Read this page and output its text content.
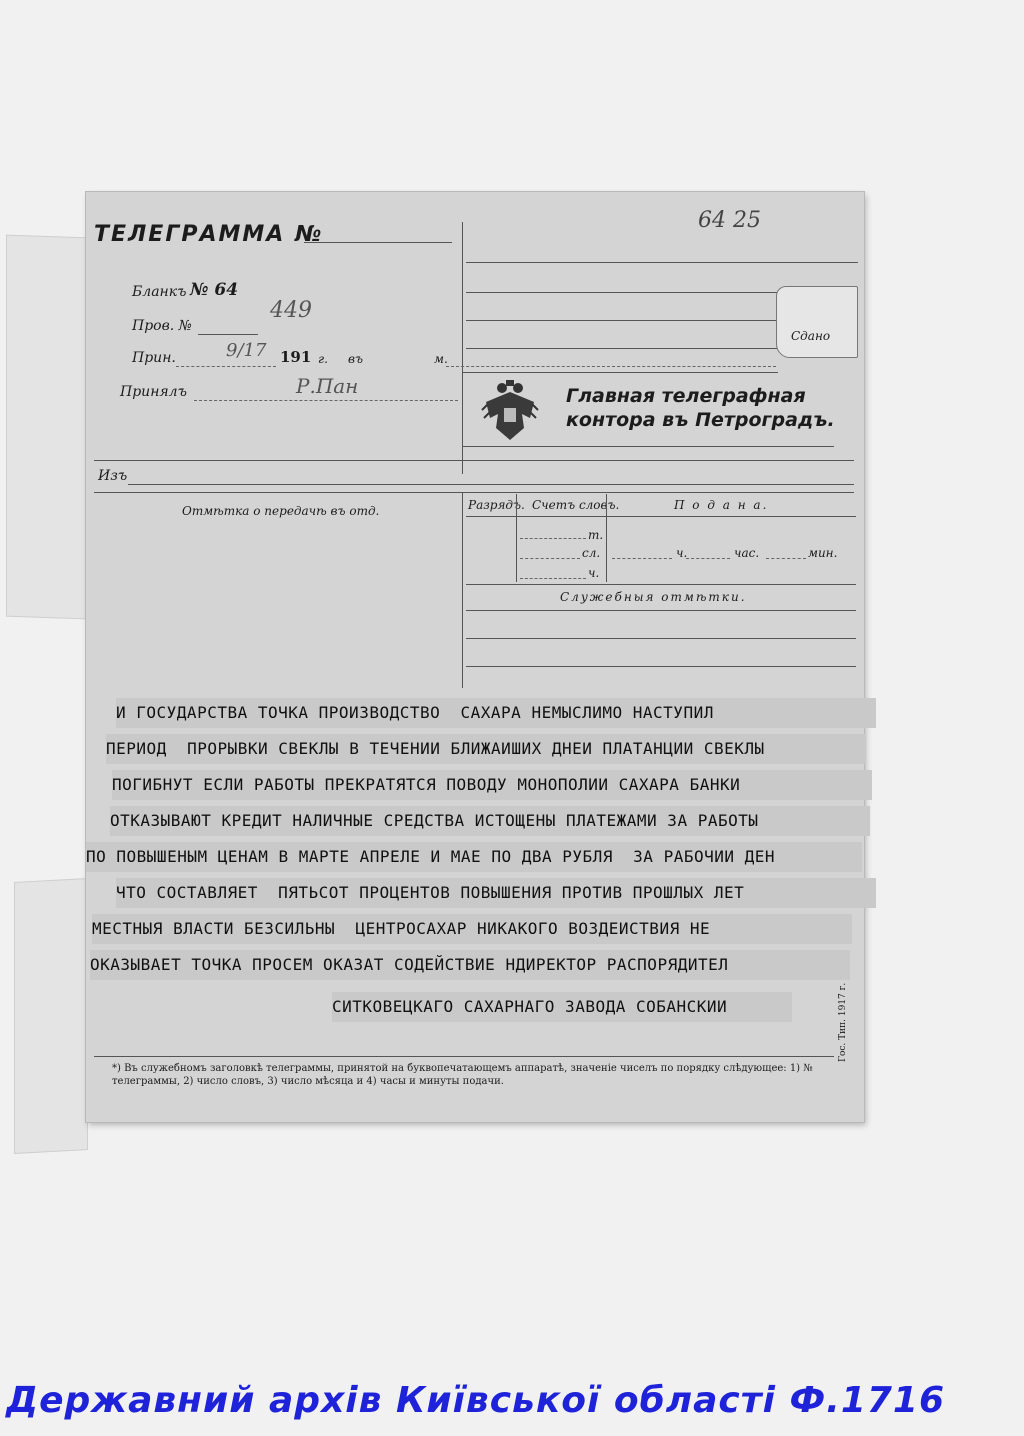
ТЕЛЕГРАММА №
64 25
Сдано
Бланкъ № 64
Пров. №
449
Прин.	9/17 191 г. въ	м.
Принялъ	Р.Пан	Главная телеграфная
контора въ Петроградъ.
Изъ
Отмѣтка о передачѣ въ отд.	Разрядъ. Счетъ словъ.	П о д а н а.
т.
сл.
ч.
ч.	час.	мин.
Служебныя отмѣтки.
И ГОСУДАРСТВА ТОЧКА ПРОИЗВОДСТВО  САХАРА НЕМЫСЛИМО НАСТУПИЛ
ПЕРИОД  ПРОРЫВКИ СВЕКЛЫ В ТЕЧЕНИИ БЛИЖАИШИХ ДНЕИ ПЛАТАНЦИИ СВЕКЛЫ
ПОГИБНУТ ЕСЛИ РАБОТЫ ПРЕКРАТЯТСЯ ПОВОДУ МОНОПОЛИИ САХАРА БАНКИ
ОТКАЗЫВАЮТ КРЕДИТ НАЛИЧНЫЕ СРЕДСТВА ИСТОЩЕНЫ ПЛАТЕЖАМИ ЗА РАБОТЫ
ПО ПОВЫШЕНЫМ ЦЕНАМ В МАРТЕ АПРЕЛЕ И МАЕ ПО ДВА РУБЛЯ  ЗА РАБОЧИИ ДЕН
ЧТО СОСТАВЛЯЕТ  ПЯТЬСОТ ПРОЦЕНТОВ ПОВЫШЕНИЯ ПРОТИВ ПРОШЛЫХ ЛЕТ
МЕСТНЫЯ ВЛАСТИ БЕЗСИЛЬНЫ  ЦЕНТРОСАХАР НИКАКОГО ВОЗДЕИСТВИЯ НЕ
ОКАЗЫВАЕТ ТОЧКА ПРОСЕМ ОКАЗАТ СОДЕЙСТВИЕ НДИРЕКТОР РАСПОРЯДИТЕЛ
СИТКОВЕЦКАГО САХАРНАГО ЗАВОДА СОБАНСКИИ	Гос. Тип. 1917 г.
*) Въ служебномъ заголовкѣ телеграммы, принятой на буквопечатающемъ аппаратѣ, значеніе чиселъ по порядку слѣдующее: 1) №
телеграммы, 2) число словъ, 3) число мѣсяца и 4) часы и минуты подачи.
Державний архів Київської області Ф.1716
